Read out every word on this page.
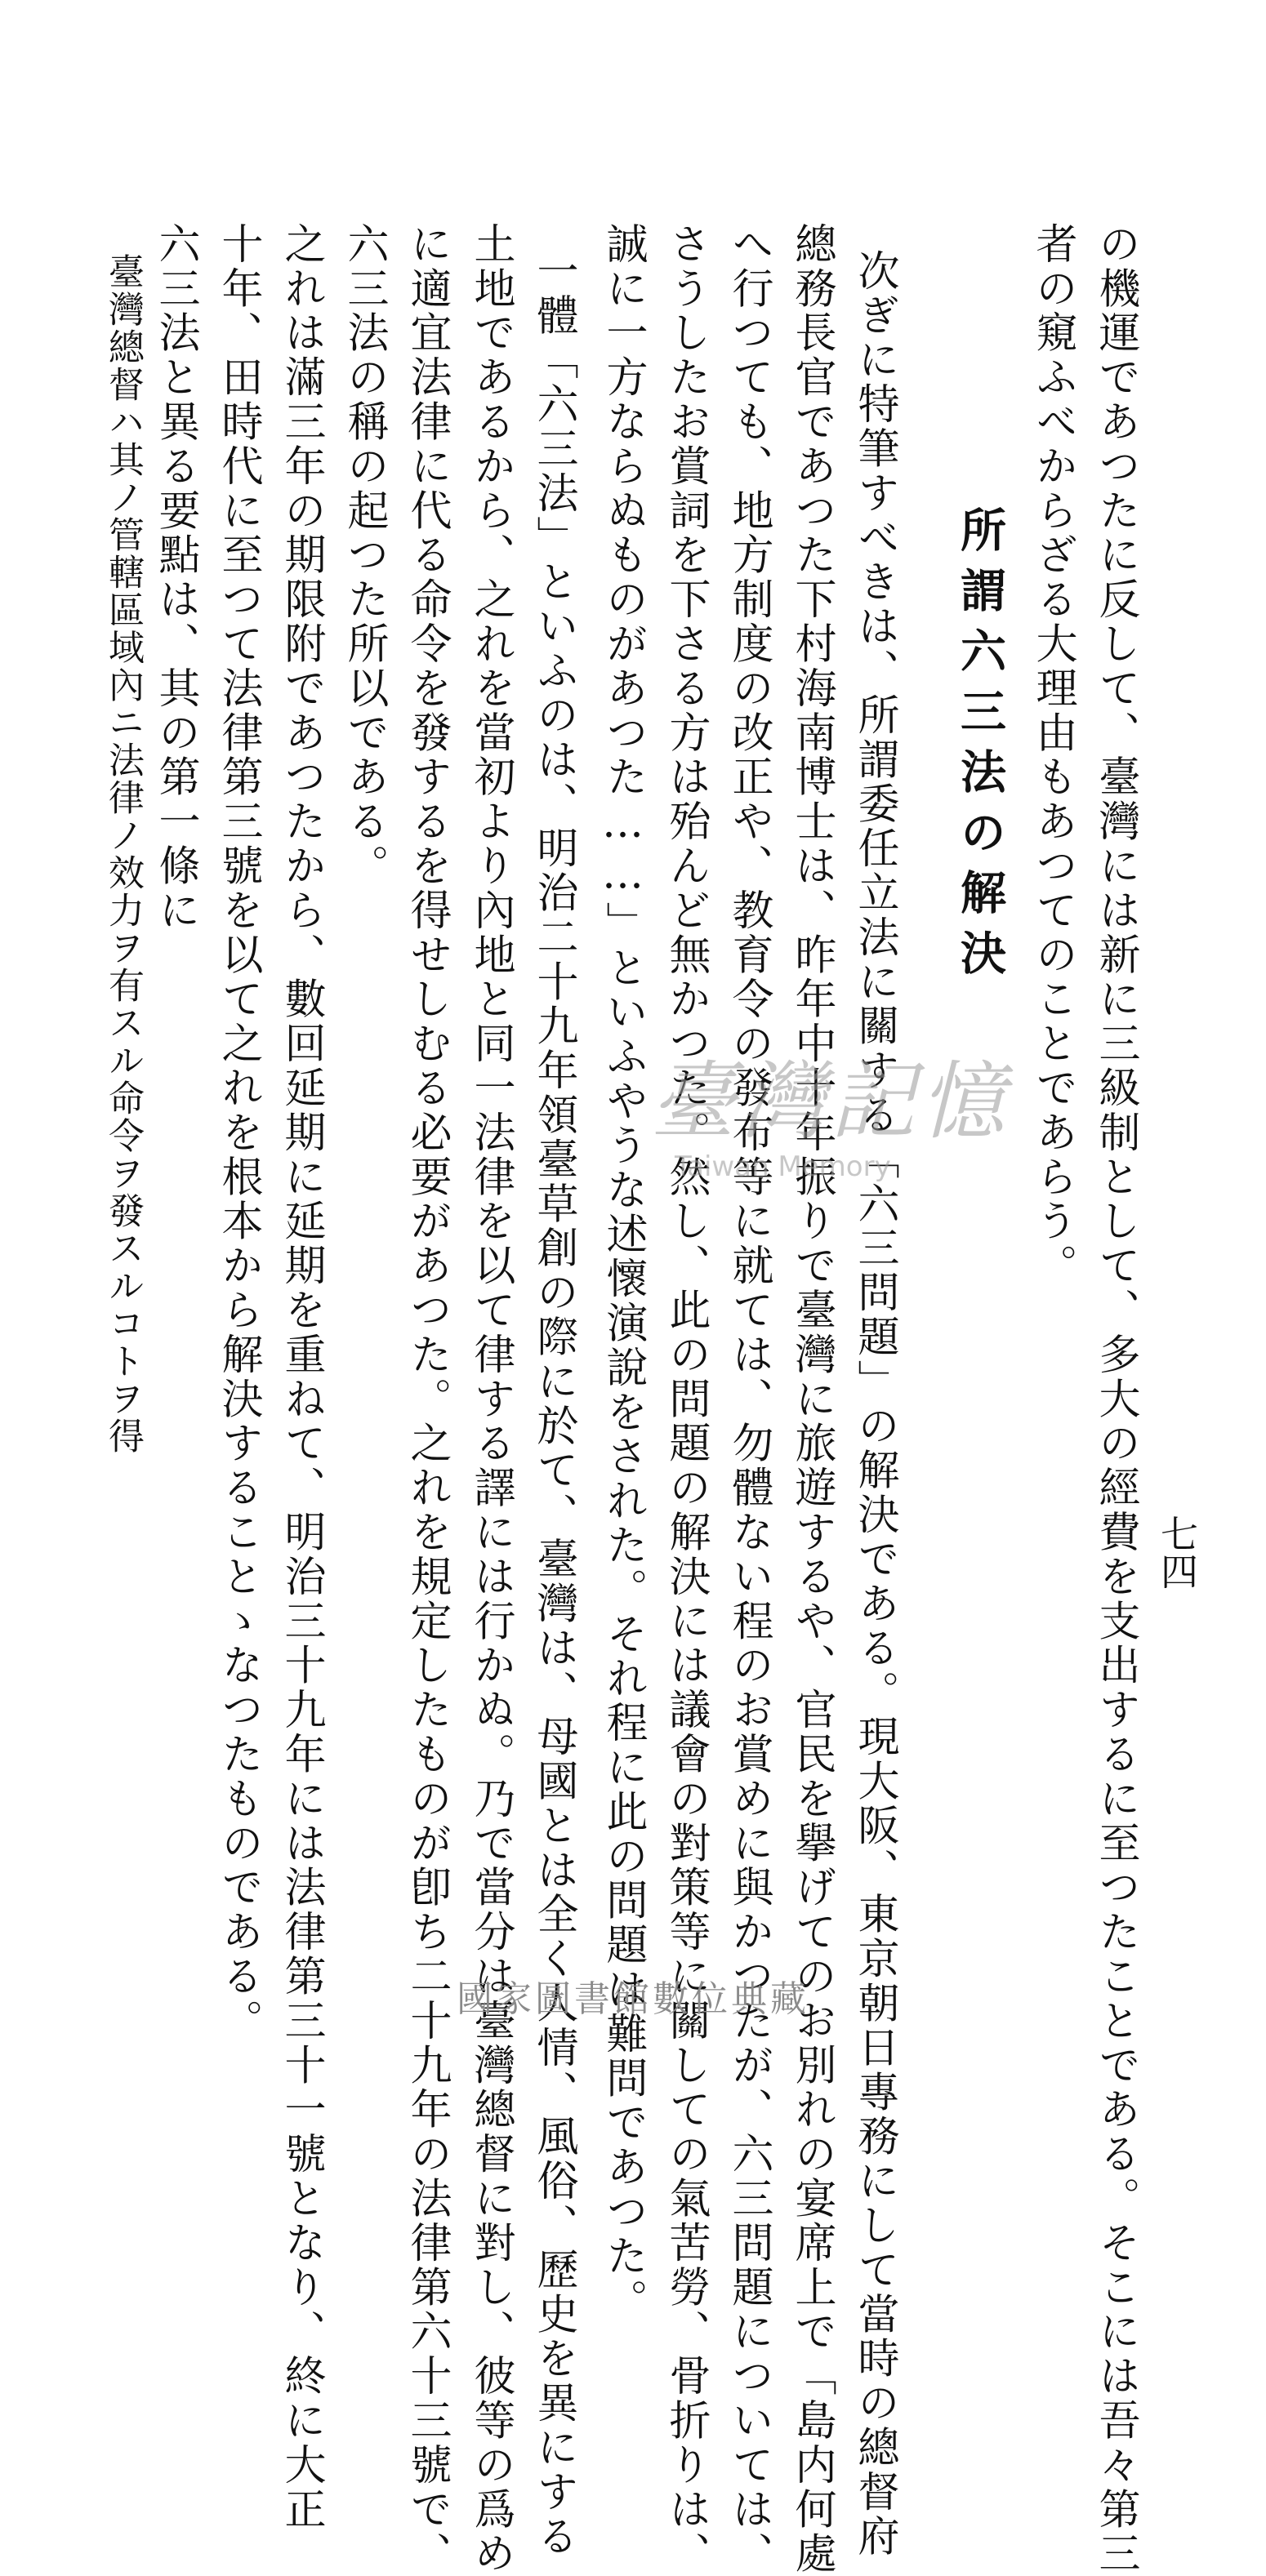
七四
の機運であつたに反して、臺灣には新に三級制として、多大の經費を支出するに至つたことである。そこには吾々第三
者の窺ふべからざる大理由もあつてのことであらう。
所謂六三法の解決
次ぎに特筆すべきは、所謂委任立法に關する「六三問題」の解決である。現大阪、東京朝日專務にして當時の總督府
總務長官であつた下村海南博士は、昨年中十年振りで臺灣に旅遊するや、官民を擧げてのお別れの宴席上で「島内何處
へ行つても、地方制度の改正や、教育令の發布等に就ては、勿體ない程のお賞めに與かつたが、六三問題については、
さうしたお賞詞を下さる方は殆んど無かつた。然し、此の問題の解決には議會の對策等に關しての氣苦勞、骨折りは、
誠に一方ならぬものがあつた……」といふやうな述懷演說をされた。それ程に此の問題は難問であつた。
一體「六三法」といふのは、明治二十九年領臺草創の際に於て、臺灣は、母國とは全く人情、風俗、歷史を異にする
土地であるから、之れを當初より內地と同一法律を以て律する譯には行かぬ。乃で當分は臺灣總督に對し、彼等の爲め
に適宜法律に代る命令を發するを得せしむる必要があつた。之れを規定したものが卽ち二十九年の法律第六十三號で、
六三法の稱の起つた所以である。
之れは滿三年の期限附であつたから、數回延期に延期を重ねて、明治三十九年には法律第三十一號となり、終に大正
十年、田時代に至つて法律第三號を以て之れを根本から解決することゝなつたものである。
六三法と異る要點は、其の第一條に
臺灣總督ハ其ノ管轄區域內ニ法律ノ效力ヲ有スル命令ヲ發スルコトヲ得	臺灣記憶
Taiwan Memory
國家圖書館數位典藏
